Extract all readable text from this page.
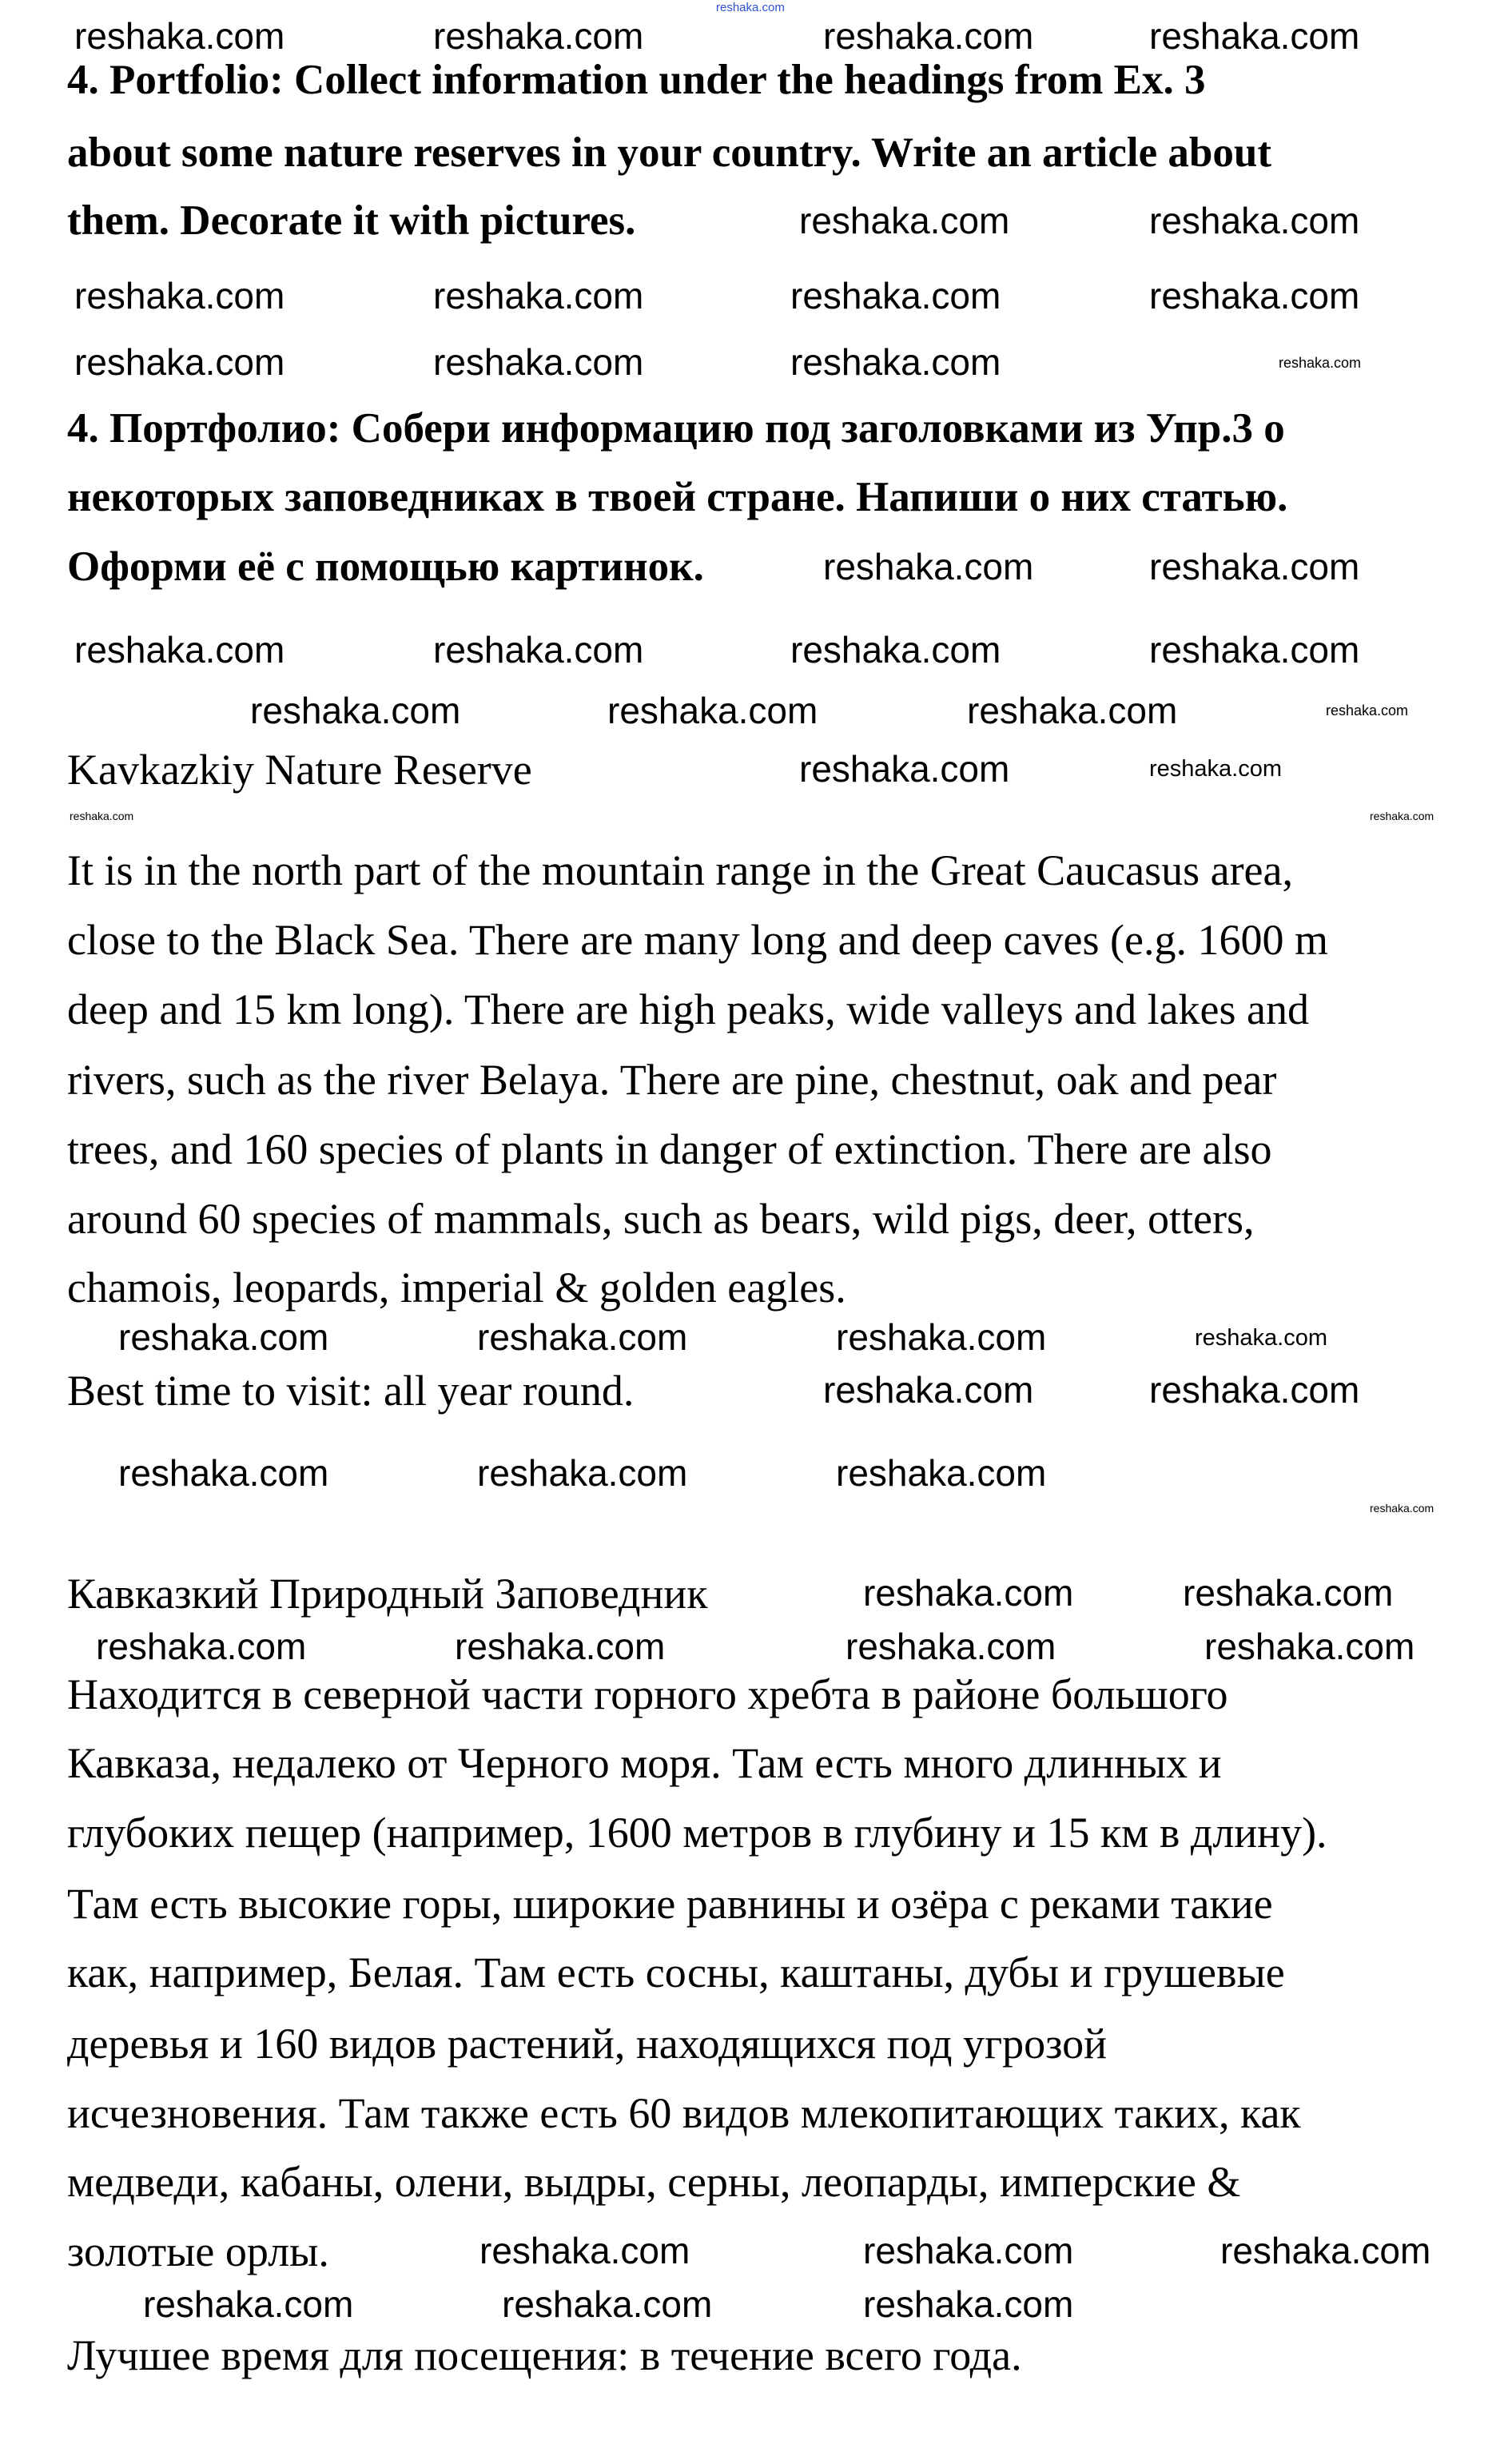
reshaka.com

4. Portfolio: Collect information under the headings from Ex. 3

about some nature reserves in your country. Write an article about

them. Decorate it with pictures.

4. Портфолио: Собери информацию под заголовками из Упр.3 о

некоторых заповедниках в твоей стране. Напиши о них статью.

Оформи её с помощью картинок.

Kavkazkiy Nature Reserve

It is in the north part of the mountain range in the Great Caucasus area,

close to the Black Sea. There are many long and deep caves (e.g. 1600 m

deep and 15 km long). There are high peaks, wide valleys and lakes and

rivers, such as the river Belaya. There are pine, chestnut, oak and pear

trees, and 160 species of plants in danger of extinction. There are also

around 60 species of mammals, such as bears, wild pigs, deer, otters,

chamois, leopards, imperial & golden eagles.

Best time to visit: all year round.

Кавказкий Природный Заповедник

Находится в северной части горного хребта в районе большого

Кавказа, недалеко от Черного моря. Там есть много длинных и

глубоких пещер (например, 1600 метров в глубину и 15 км в длину).

Там есть высокие горы, широкие равнины и озёра с реками такие

как, например, Белая. Там есть сосны, каштаны, дубы и грушевые

деревья и 160 видов растений, находящихся под угрозой

исчезновения. Там также есть 60 видов млекопитающих таких, как

медведи, кабаны, олени, выдры, серны, леопарды, имперские &

золотые орлы.

Лучшее время для посещения: в течение всего года.

reshaka.com	reshaka.com	reshaka.com	reshaka.com
reshaka.com	reshaka.com
reshaka.com	reshaka.com	reshaka.com	reshaka.com
reshaka.com	reshaka.com	reshaka.com	reshaka.com
reshaka.com	reshaka.com
reshaka.com	reshaka.com	reshaka.com	reshaka.com
reshaka.com	reshaka.com	reshaka.com	reshaka.com
reshaka.com	reshaka.com
reshaka.com	reshaka.com
reshaka.com	reshaka.com	reshaka.com	reshaka.com
reshaka.com	reshaka.com
reshaka.com	reshaka.com	reshaka.com
reshaka.com
reshaka.com	reshaka.com
reshaka.com	reshaka.com	reshaka.com	reshaka.com
reshaka.com	reshaka.com	reshaka.com
reshaka.com	reshaka.com	reshaka.com
